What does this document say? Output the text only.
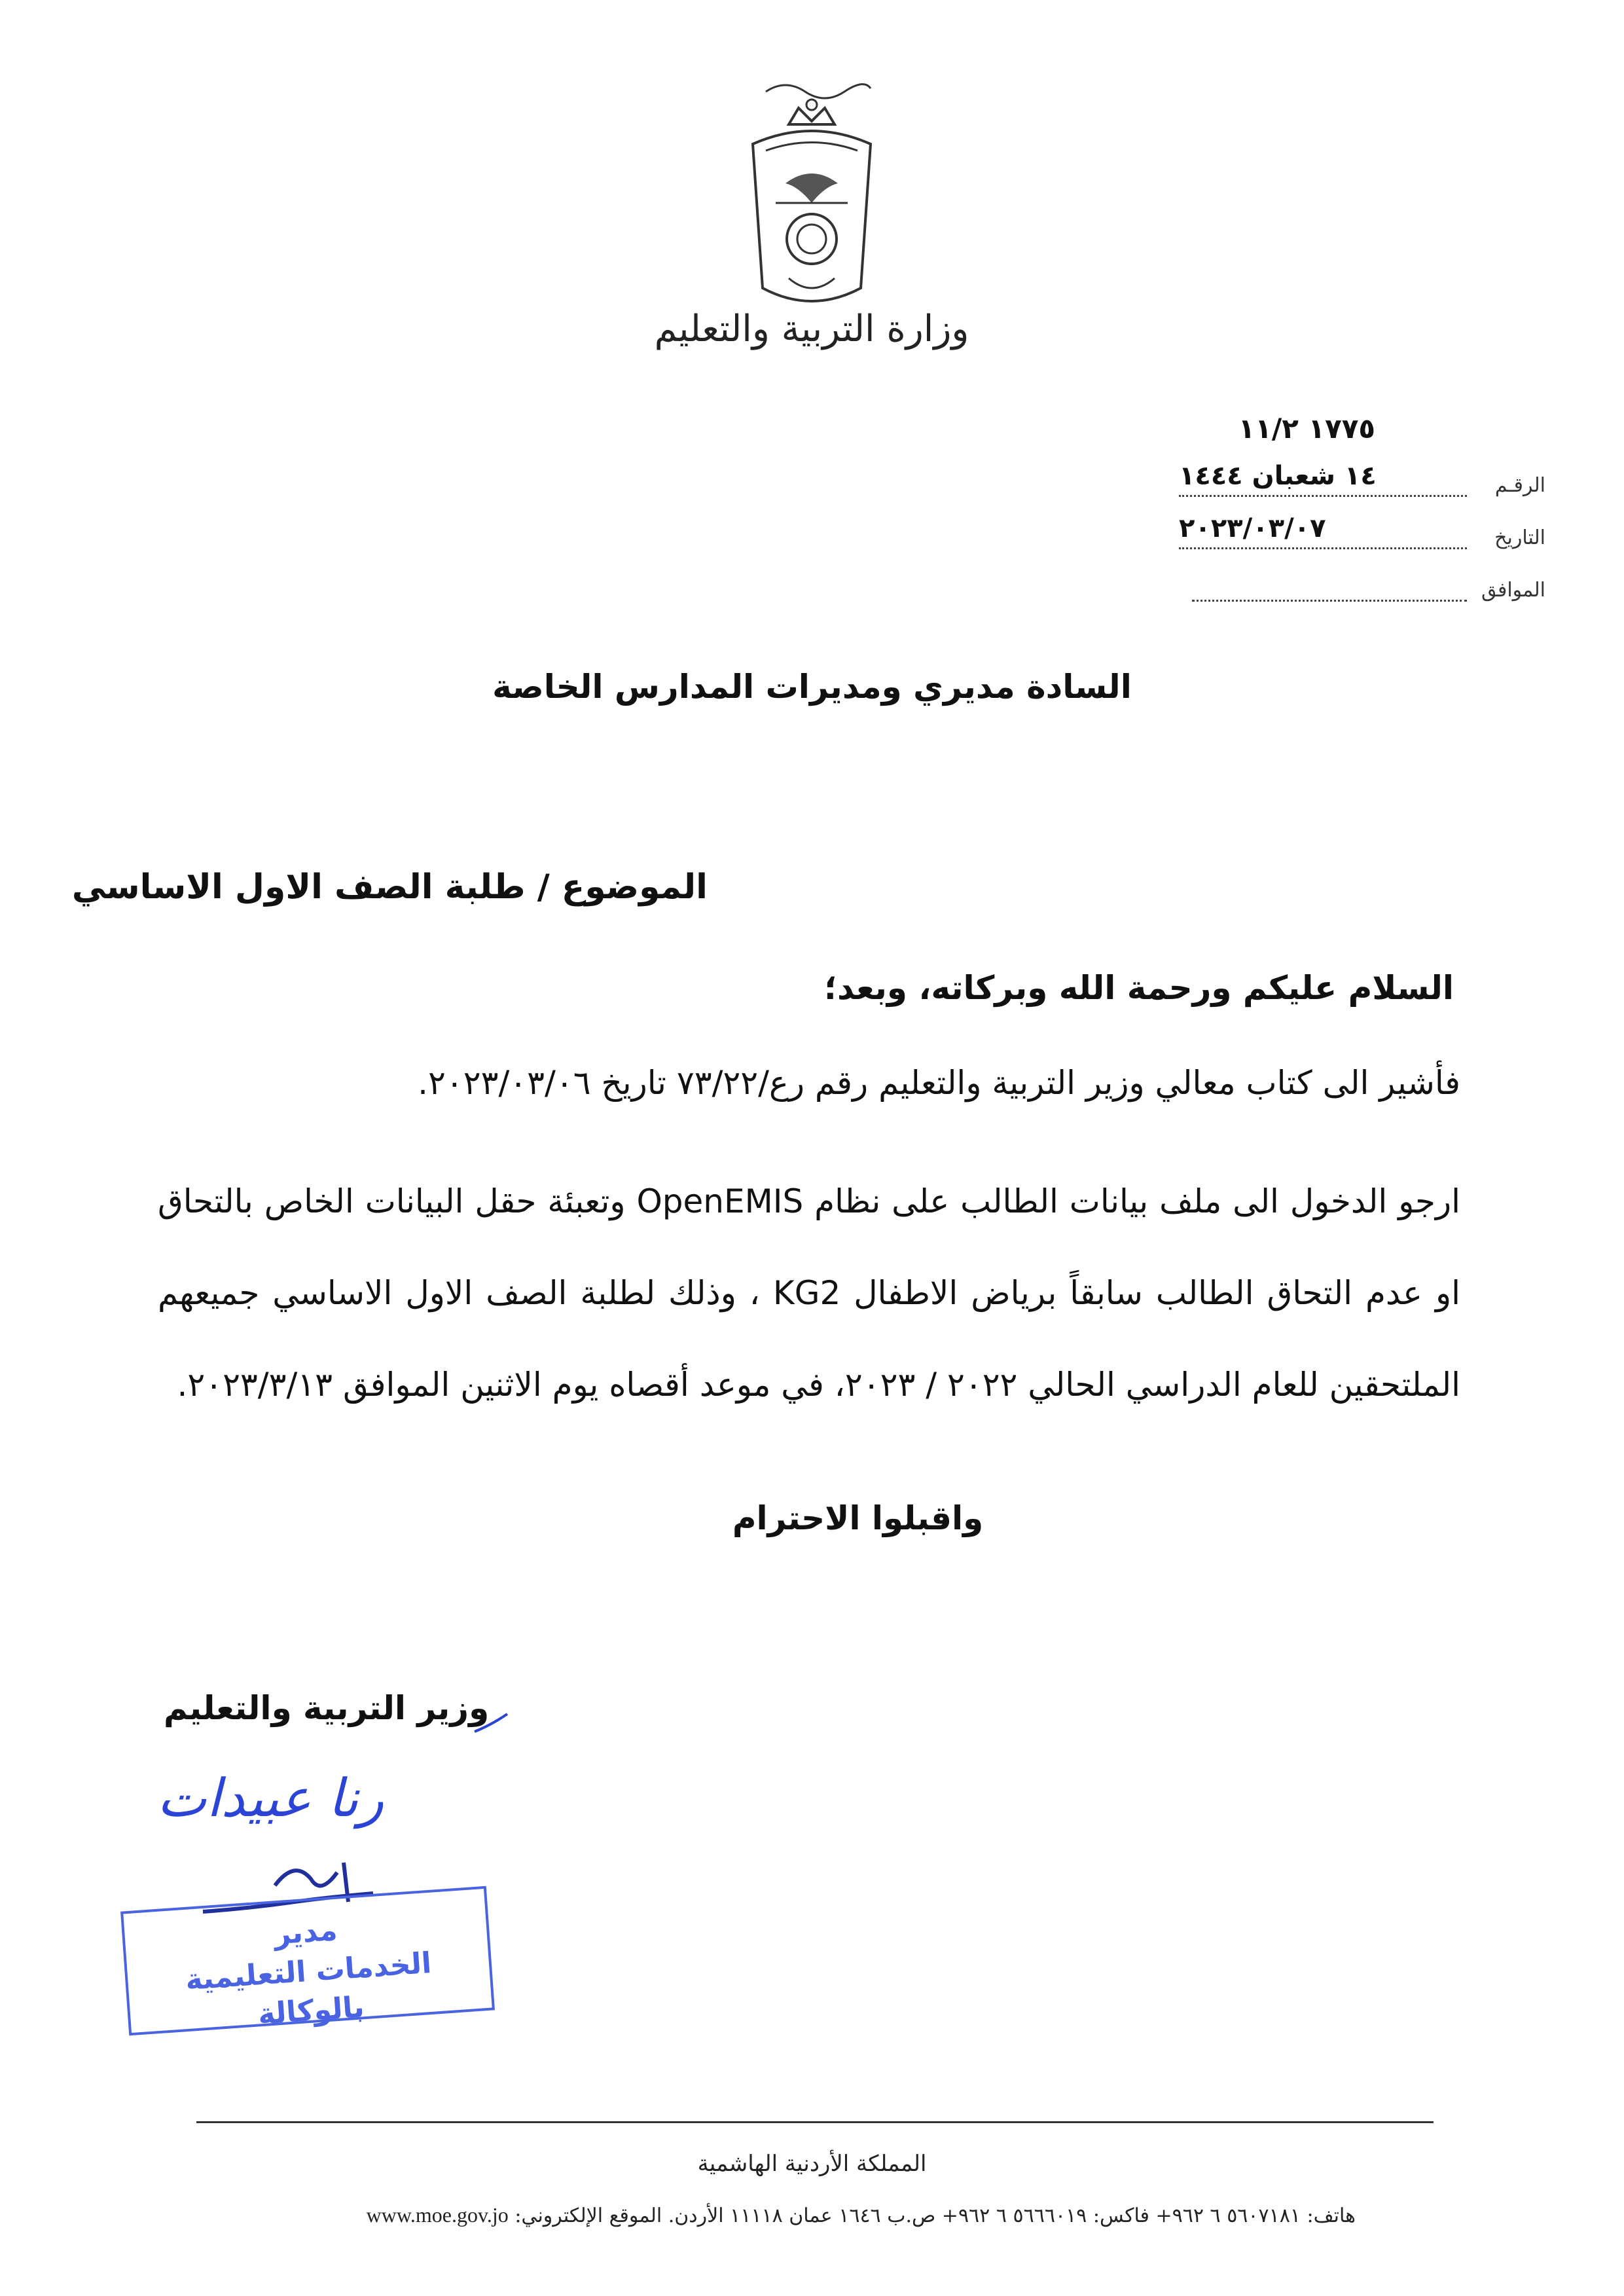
وزارة التربية والتعليم
١٧٧٥ ١١/٢
الرقـم
١٤ شعبان ١٤٤٤
التاريخ
٢٠٢٣/٠٣/٠٧
الموافق
السادة مديري ومديرات المدارس الخاصة
الموضوع / طلبة الصف الاول الاساسي
السلام عليكم ورحمة الله وبركاته، وبعد؛
فأشير الى كتاب معالي وزير التربية والتعليم رقم رع/٧٣/٢٢ تاريخ ٢٠٢٣/٠٣/٠٦.
ارجو الدخول الى ملف بيانات الطالب على نظام OpenEMIS وتعبئة حقل البيانات الخاص بالتحاق او عدم التحاق الطالب سابقاً برياض الاطفال KG2 ، وذلك لطلبة الصف الاول الاساسي جميعهم الملتحقين للعام الدراسي الحالي ٢٠٢٢ / ٢٠٢٣، في موعد أقصاه يوم الاثنين الموافق ٢٠٢٣/٣/١٣.
واقبلوا الاحترام
وزير التربية والتعليم
رنا عبيدات
مدير
الخدمات التعليمية بالوكالة
المملكة الأردنية الهاشمية
هاتف: ٥٦٠٧١٨١ ٦ ٩٦٢+ فاكس: ٥٦٦٦٠١٩ ٦ ٩٦٢+ ص.ب ١٦٤٦ عمان ١١١١٨ الأردن. الموقع الإلكتروني: www.moe.gov.jo
